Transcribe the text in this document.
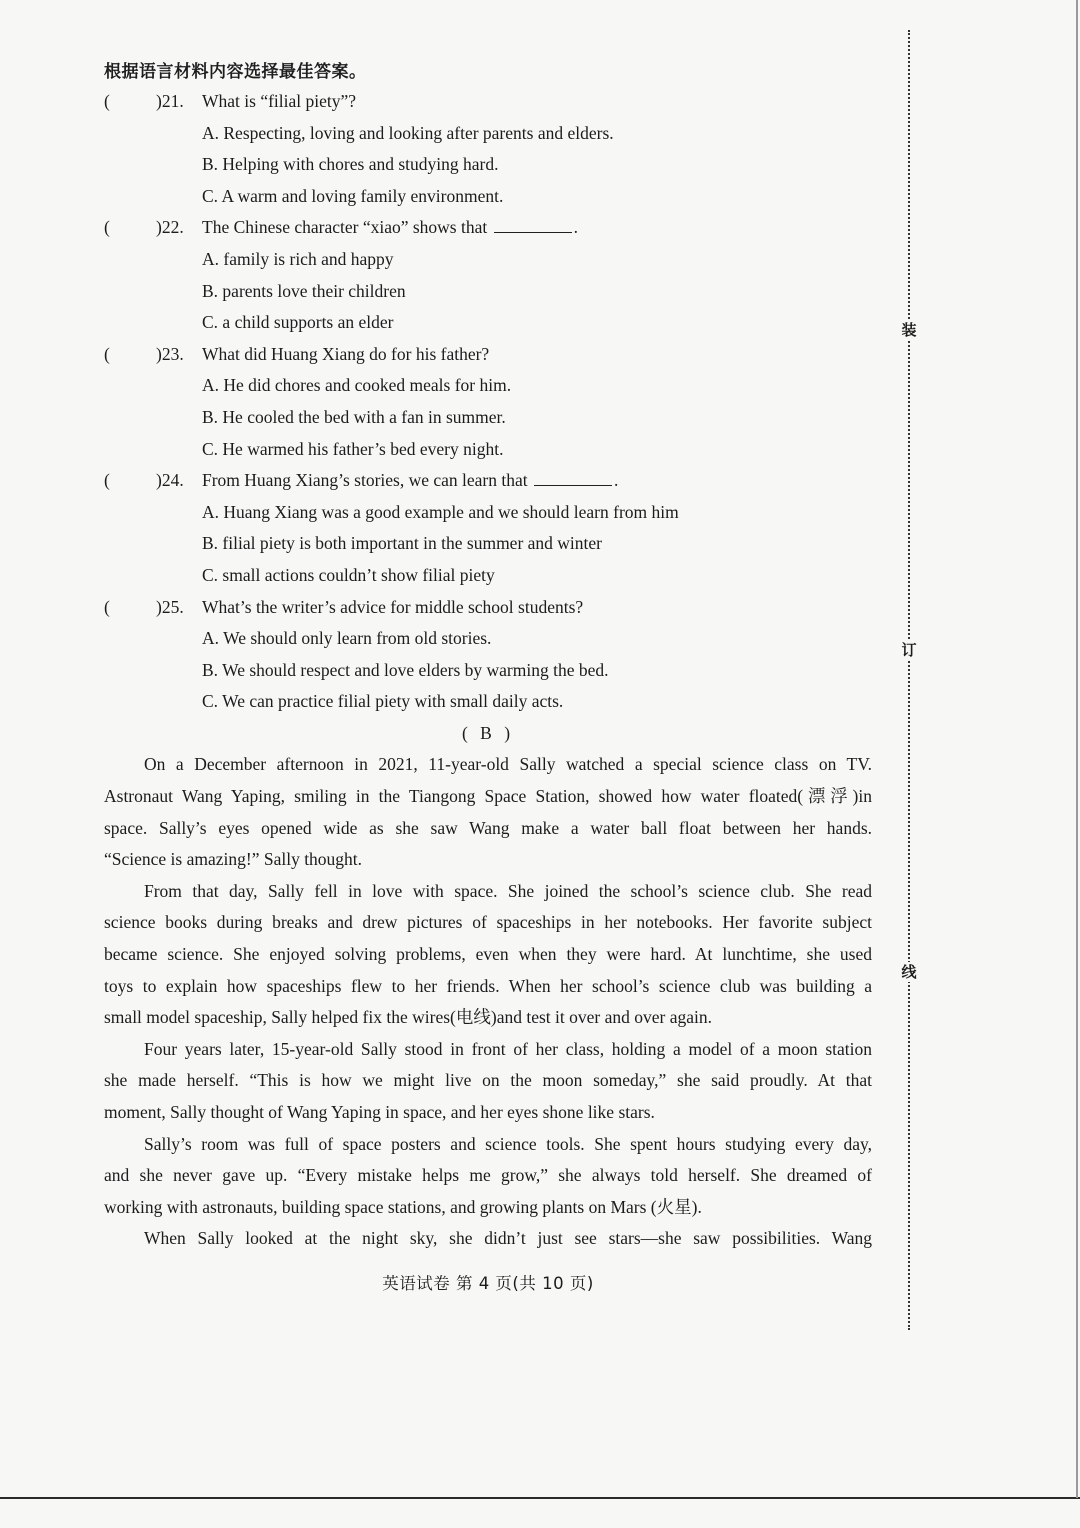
根据语言材料内容选择最佳答案。
(	)21. What is “filial piety”?
A. Respecting, loving and looking after parents and elders.
B. Helping with chores and studying hard.
C. A warm and loving family environment.
(	)22. The Chinese character “xiao” shows that	.
A. family is rich and happy
B. parents love their children
C. a child supports an elder
(	)23. What did Huang Xiang do for his father?
A. He did chores and cooked meals for him.
B. He cooled the bed with a fan in summer.
C. He warmed his father’s bed every night.
(	)24. From Huang Xiang’s stories, we can learn that	.
A. Huang Xiang was a good example and we should learn from him
B. filial piety is both important in the summer and winter
C. small actions couldn’t show filial piety
(	)25. What’s the writer’s advice for middle school students?
A. We should only learn from old stories.
B. We should respect and love elders by warming the bed.
C. We can practice filial piety with small daily acts.
( B )

On a December afternoon in 2021, 11-year-old Sally watched a special science class on TV.
Astronaut Wang Yaping, smiling in the Tiangong Space Station, showed how water floated(漂浮)in
space. Sally’s eyes opened wide as she saw Wang make a water ball float between her hands.
“Science is amazing!” Sally thought.

From that day, Sally fell in love with space. She joined the school’s science club. She read
science books during breaks and drew pictures of spaceships in her notebooks. Her favorite subject
became science. She enjoyed solving problems, even when they were hard. At lunchtime, she used
toys to explain how spaceships flew to her friends. When her school’s science club was building a
small model spaceship, Sally helped fix the wires(电线)and test it over and over again.

Four years later, 15-year-old Sally stood in front of her class, holding a model of a moon station
she made herself. “This is how we might live on the moon someday,” she said proudly. At that
moment, Sally thought of Wang Yaping in space, and her eyes shone like stars.

Sally’s room was full of space posters and science tools. She spent hours studying every day,
and she never gave up. “Every mistake helps me grow,” she always told herself. She dreamed of
working with astronauts, building space stations, and growing plants on Mars (火星).

When Sally looked at the night sky, she didn’t just see stars—she saw possibilities. Wang

英语试卷 第 4 页(共 10 页)
装
订
线
